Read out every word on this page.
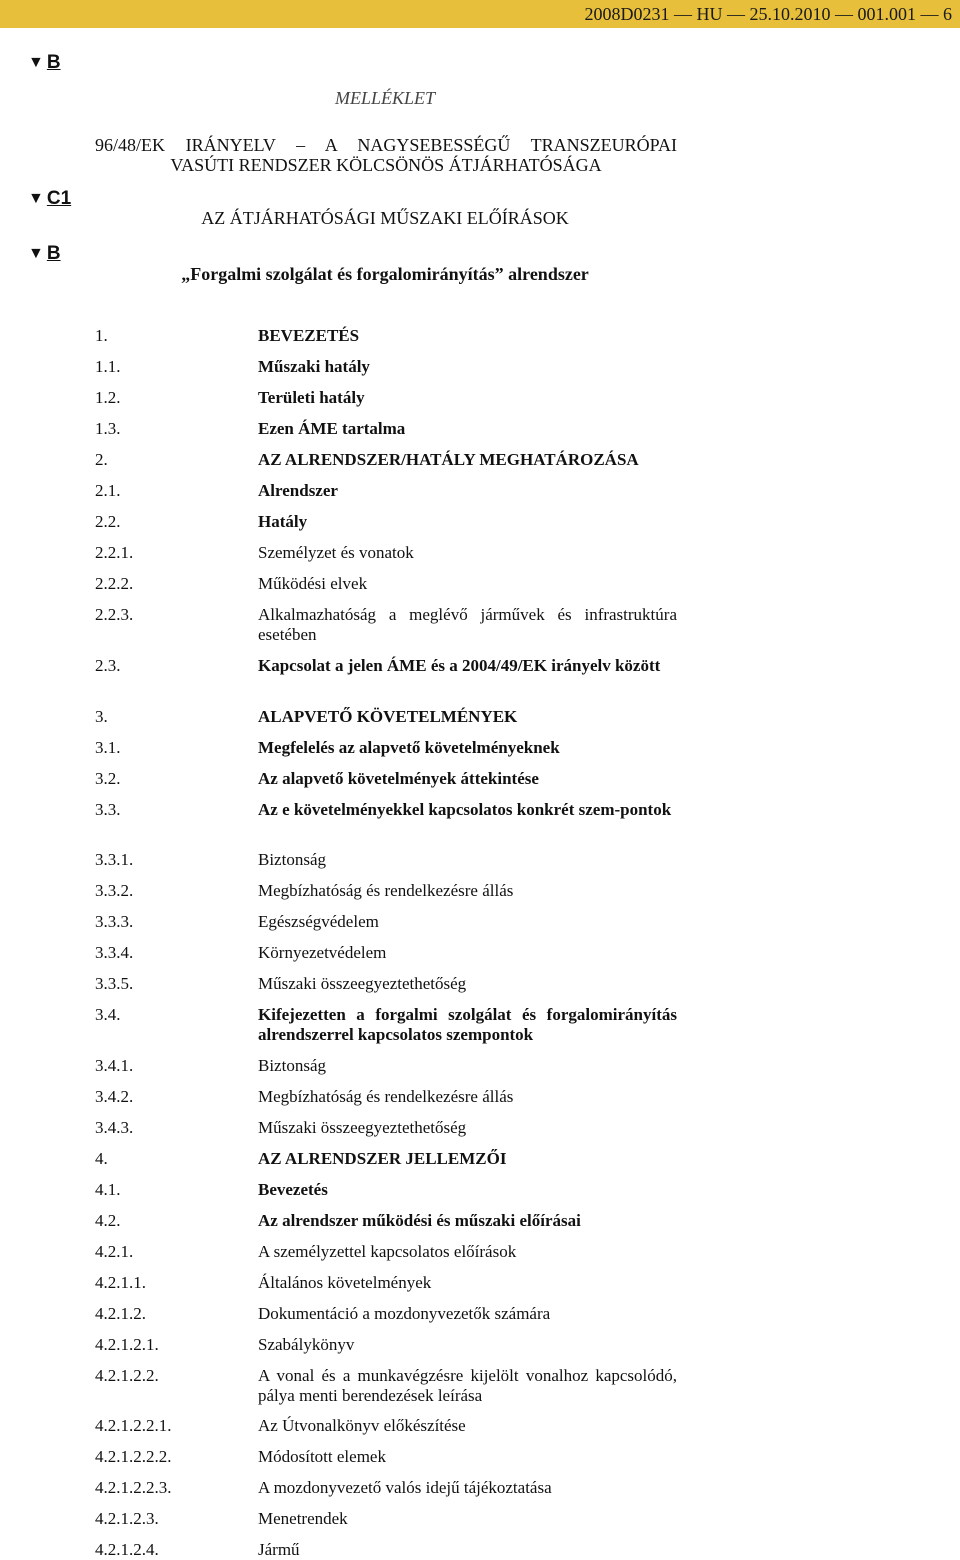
2008D0231 — HU — 25.10.2010 — 001.001 — 6
▼ B
▼ C1
▼ B
MELLÉKLET
96/48/EK IRÁNYELV – A NAGYSEBESSÉGŰ TRANSZEURÓPAI
VASÚTI RENDSZER KÖLCSÖNÖS ÁTJÁRHATÓSÁGA
AZ ÁTJÁRHATÓSÁGI MŰSZAKI ELŐÍRÁSOK
„Forgalmi szolgálat és forgalomirányítás” alrendszer
1.	BEVEZETÉS
1.1.	Műszaki hatály
1.2.	Területi hatály
1.3.	Ezen ÁME tartalma
2.	AZ ALRENDSZER/HATÁLY MEGHATÁROZÁSA
2.1.	Alrendszer
2.2.	Hatály
2.2.1.	Személyzet és vonatok
2.2.2.	Működési elvek
2.2.3.	Alkalmazhatóság a meglévő járművek és infrastruktúra esetében
2.3.	Kapcsolat a jelen ÁME és a 2004/49/EK irányelv között
3.	ALAPVETŐ KÖVETELMÉNYEK
3.1.	Megfelelés az alapvető követelményeknek
3.2.	Az alapvető követelmények áttekintése
3.3.	Az e követelményekkel kapcsolatos konkrét szem-pontok
3.3.1.	Biztonság
3.3.2.	Megbízhatóság és rendelkezésre állás
3.3.3.	Egészségvédelem
3.3.4.	Környezetvédelem
3.3.5.	Műszaki összeegyeztethetőség
3.4.	Kifejezetten a forgalmi szolgálat és forgalomirányítás alrendszerrel kapcsolatos szempontok
3.4.1.	Biztonság
3.4.2.	Megbízhatóság és rendelkezésre állás
3.4.3.	Műszaki összeegyeztethetőség
4.	AZ ALRENDSZER JELLEMZŐI
4.1.	Bevezetés
4.2.	Az alrendszer működési és műszaki előírásai
4.2.1.	A személyzettel kapcsolatos előírások
4.2.1.1.	Általános követelmények
4.2.1.2.	Dokumentáció a mozdonyvezetők számára
4.2.1.2.1.	Szabálykönyv
4.2.1.2.2.	A vonal és a munkavégzésre kijelölt vonalhoz kapcsolódó, pálya menti berendezések leírása
4.2.1.2.2.1.	Az Útvonalkönyv előkészítése
4.2.1.2.2.2.	Módosított elemek
4.2.1.2.2.3.	A mozdonyvezető valós idejű tájékoztatása
4.2.1.2.3.	Menetrendek
4.2.1.2.4.	Jármű
